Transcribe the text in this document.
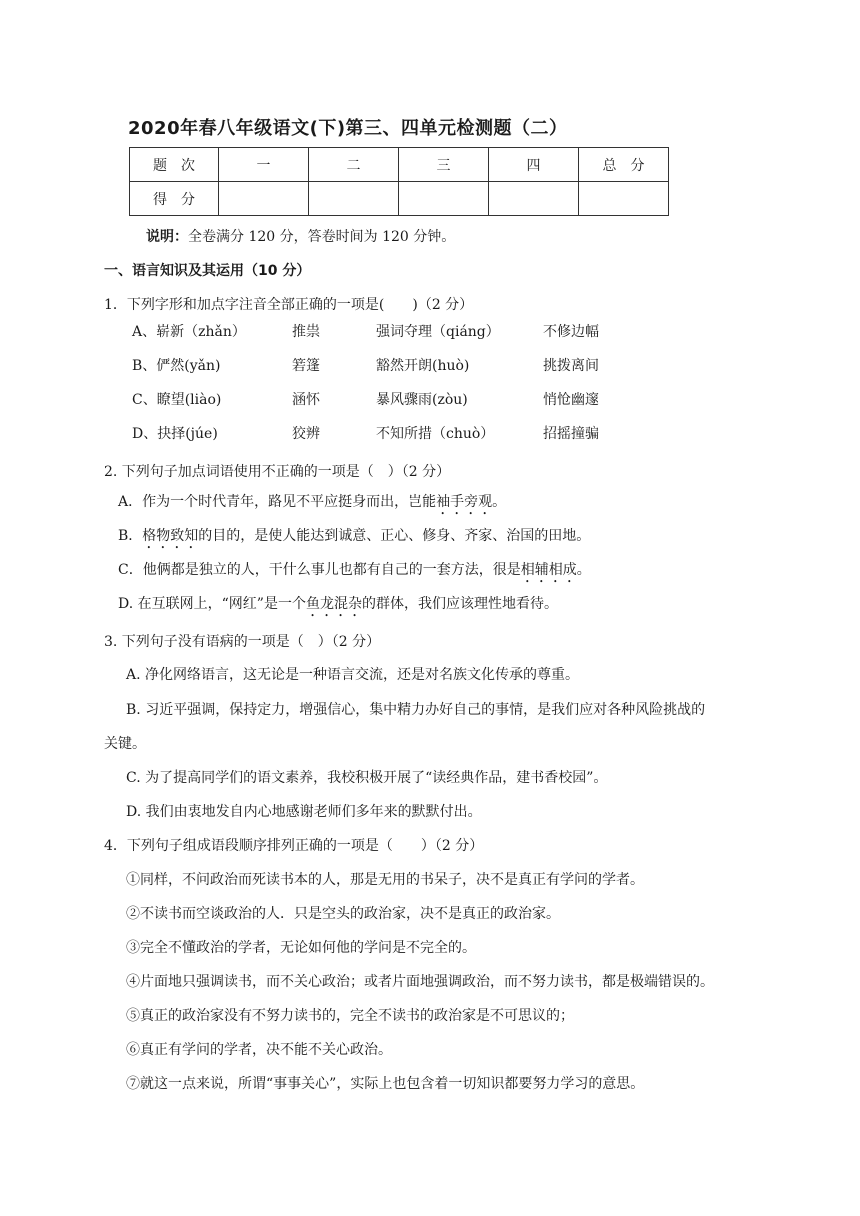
2020年春八年级语文(下)第三、四单元检测题（二）
题　次	一	二	三	四	总　分
得　分					
说明：全卷满分 120 分，答卷时间为 120 分钟。
一、语言知识及其运用（10 分）
1．下列字形和加点字注音全部正确的一项是(　　)（2 分）
A、崭新（zhǎn）	推祟	强词夺理（qiáng）	不修边幅
B、俨然(yǎn)	箬篷	豁然开朗(huò)	挑拨离间
C、瞭望(liào)	涵怀	暴风骤雨(zòu)	悄怆幽邃
D、抉择(júe)	狡辨	不知所措（chuò）	招摇撞骗
2. 下列句子加点词语使用不正确的一项是（　）（2 分）
A．作为一个时代青年，路见不平应挺身而出，岂能袖手旁观。
B．格物致知的目的，是使人能达到诚意、正心、修身、齐家、治国的田地。
C．他俩都是独立的人，干什么事儿也都有自己的一套方法，很是相辅相成。
D. 在互联网上，“网红”是一个鱼龙混杂的群体，我们应该理性地看待。
3. 下列句子没有语病的一项是（　）（2 分）
A. 净化网络语言，这无论是一种语言交流，还是对名族文化传承的尊重。
B. 习近平强调，保持定力，增强信心，集中精力办好自己的事情，是我们应对各种风险挑战的
关键。
C. 为了提高同学们的语文素养，我校积极开展了“读经典作品，建书香校园”。
D. 我们由衷地发自内心地感谢老师们多年来的默默付出。
4．下列句子组成语段顺序排列正确的一项是（　　）（2 分）
①同样，不问政治而死读书本的人，那是无用的书呆子，决不是真正有学问的学者。
②不读书而空谈政治的人．只是空头的政治家，决不是真正的政治家。
③完全不懂政治的学者，无论如何他的学问是不完全的。
④片面地只强调读书，而不关心政治；或者片面地强调政治，而不努力读书，都是极端错误的。
⑤真正的政治家没有不努力读书的，完全不读书的政治家是不可思议的；
⑥真正有学问的学者，决不能不关心政治。
⑦就这一点来说，所谓“事事关心”，实际上也包含着一切知识都要努力学习的意思。
